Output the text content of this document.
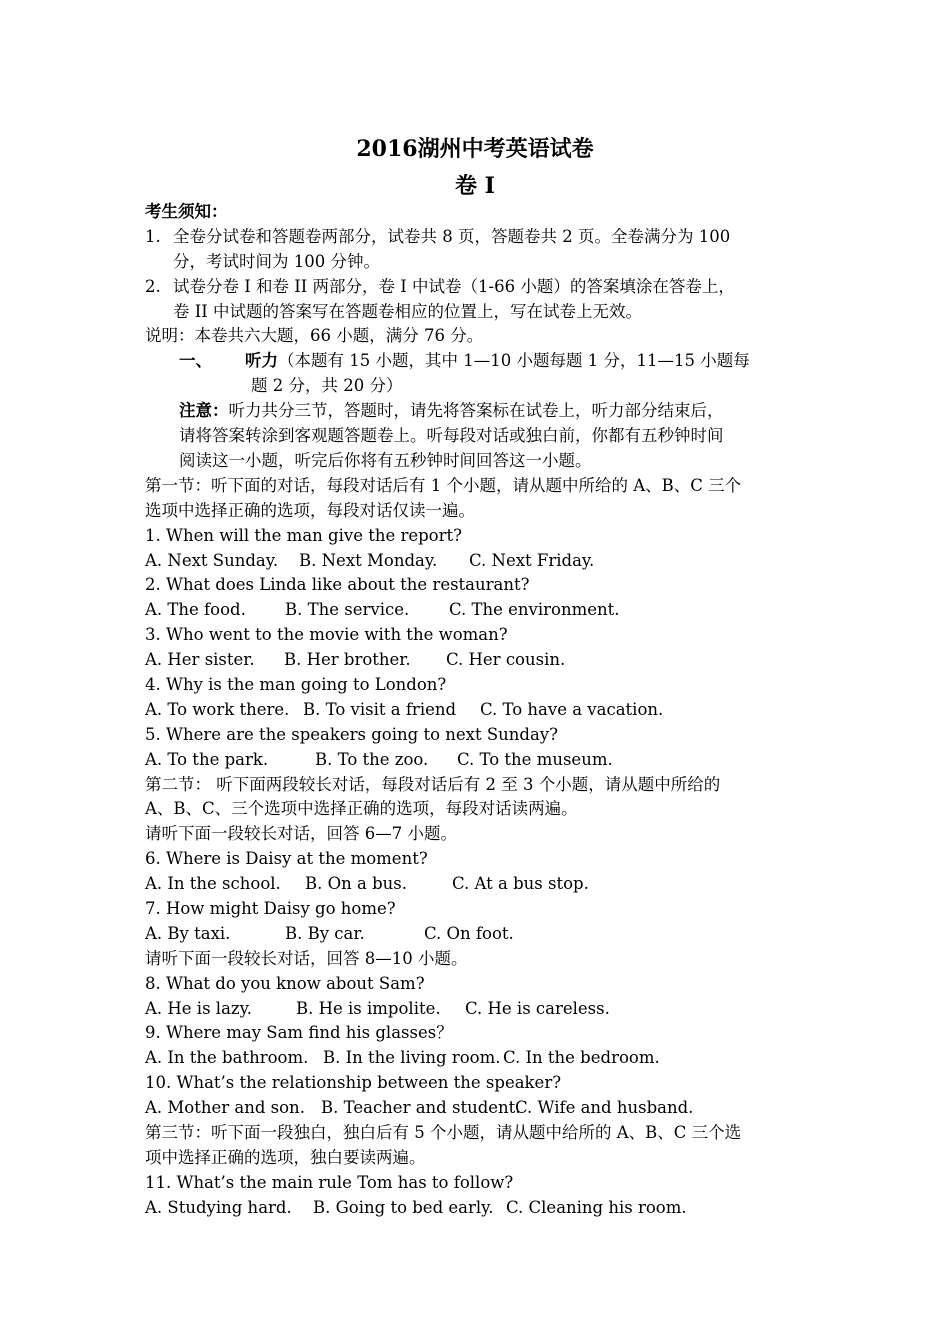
2016湖州中考英语试卷
卷 I
考生须知：
1. 全卷分试卷和答题卷两部分，试卷共 8 页，答题卷共 2 页。全卷满分为 100
分，考试时间为 100 分钟。
2. 试卷分卷 I 和卷 II 两部分，卷 I 中试卷（1-66 小题）的答案填涂在答卷上，
卷 II 中试题的答案写在答题卷相应的位置上，写在试卷上无效。
说明：本卷共六大题，66 小题，满分 76 分。
一、	听力（本题有 15 小题，其中 1—10 小题每题 1 分，11—15 小题每
题 2 分，共 20 分）
注意：听力共分三节，答题时，请先将答案标在试卷上，听力部分结束后，
请将答案转涂到客观题答题卷上。听每段对话或独白前，你都有五秒钟时间
阅读这一小题，听完后你将有五秒钟时间回答这一小题。
第一节：听下面的对话，每段对话后有 1 个小题，请从题中所给的 A、B、C 三个
选项中选择正确的选项，每段对话仅读一遍。
1. When will the man give the report?
A. Next Sunday. B. Next Monday. C. Next Friday.
2. What does Linda like about the restaurant?
A. The food. B. The service. C. The environment.
3. Who went to the movie with the woman?
A. Her sister. B. Her brother. C. Her cousin.
4. Why is the man going to London?
A. To work there. B. To visit a friend C. To have a vacation.
5. Where are the speakers going to next Sunday?
A. To the park.	B. To the zoo. C. To the museum.
第二节： 听下面两段较长对话，每段对话后有 2 至 3 个小题，请从题中所给的
A、B、C、三个选项中选择正确的选项，每段对话读两遍。
请听下面一段较长对话，回答 6—7 小题。
6. Where is Daisy at the moment?
A. In the school. B. On a bus.	C. At a bus stop.
7. How might Daisy go home?
A. By taxi.	B. By car.	C. On foot.
请听下面一段较长对话，回答 8—10 小题。
8. What do you know about Sam?
A. He is lazy.	B. He is impolite. C. He is careless.
9. Where may Sam find his glasses？
A. In the bathroom. B. In the living room. C. In the bedroom.
10. What’s the relationship between the speaker?
A. Mother and son. B. Teacher and student.C. Wife and husband.
第三节：听下面一段独白，独白后有 5 个小题，请从题中给所的 A、B、C 三个选
项中选择正确的选项，独白要读两遍。
11. What’s the main rule Tom has to follow?
A. Studying hard. B. Going to bed early. C. Cleaning his room.
